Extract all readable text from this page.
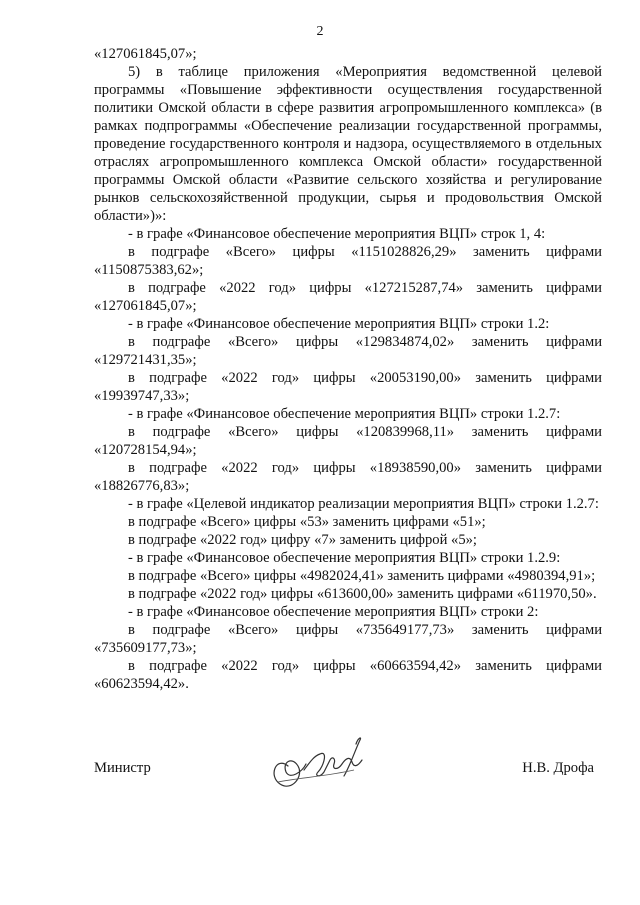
2

«127061845,07»;

5) в таблице приложения «Мероприятия ведомственной целевой программы «Повышение эффективности осуществления государственной политики Омской области в сфере развития агропромышленного комплекса» (в рамках подпрограммы «Обеспечение реализации государственной программы, проведение государственного контроля и надзора, осуществляемого в отдельных отраслях агропромышленного комплекса Омской области» государственной программы Омской области «Развитие сельского хозяйства и регулирование рынков сельскохозяйственной продукции, сырья и продовольствия Омской области»)»:

- в графе «Финансовое обеспечение мероприятия ВЦП» строк 1, 4:

в подграфе «Всего» цифры «1151028826,29» заменить цифрами «1150875383,62»;

в подграфе «2022 год» цифры «127215287,74» заменить цифрами «127061845,07»;

- в графе «Финансовое обеспечение мероприятия ВЦП» строки 1.2:

в подграфе «Всего» цифры «129834874,02» заменить цифрами «129721431,35»;

в подграфе «2022 год» цифры «20053190,00» заменить цифрами «19939747,33»;

- в графе «Финансовое обеспечение мероприятия ВЦП» строки 1.2.7:

в подграфе «Всего» цифры «120839968,11» заменить цифрами «120728154,94»;

в подграфе «2022 год» цифры «18938590,00» заменить цифрами «18826776,83»;

- в графе «Целевой индикатор реализации мероприятия ВЦП» строки 1.2.7:

в подграфе «Всего» цифры «53» заменить цифрами «51»;

в подграфе «2022 год» цифру «7» заменить цифрой «5»;

- в графе «Финансовое обеспечение мероприятия ВЦП» строки 1.2.9:

в подграфе «Всего» цифры «4982024,41» заменить цифрами «4980394,91»;

в подграфе «2022 год» цифры «613600,00» заменить цифрами «611970,50».

- в графе «Финансовое обеспечение мероприятия ВЦП» строки 2:

в подграфе «Всего» цифры «735649177,73» заменить цифрами «735609177,73»;

в подграфе «2022 год» цифры «60663594,42» заменить цифрами «60623594,42».

Министр	Н.В. Дрофа
